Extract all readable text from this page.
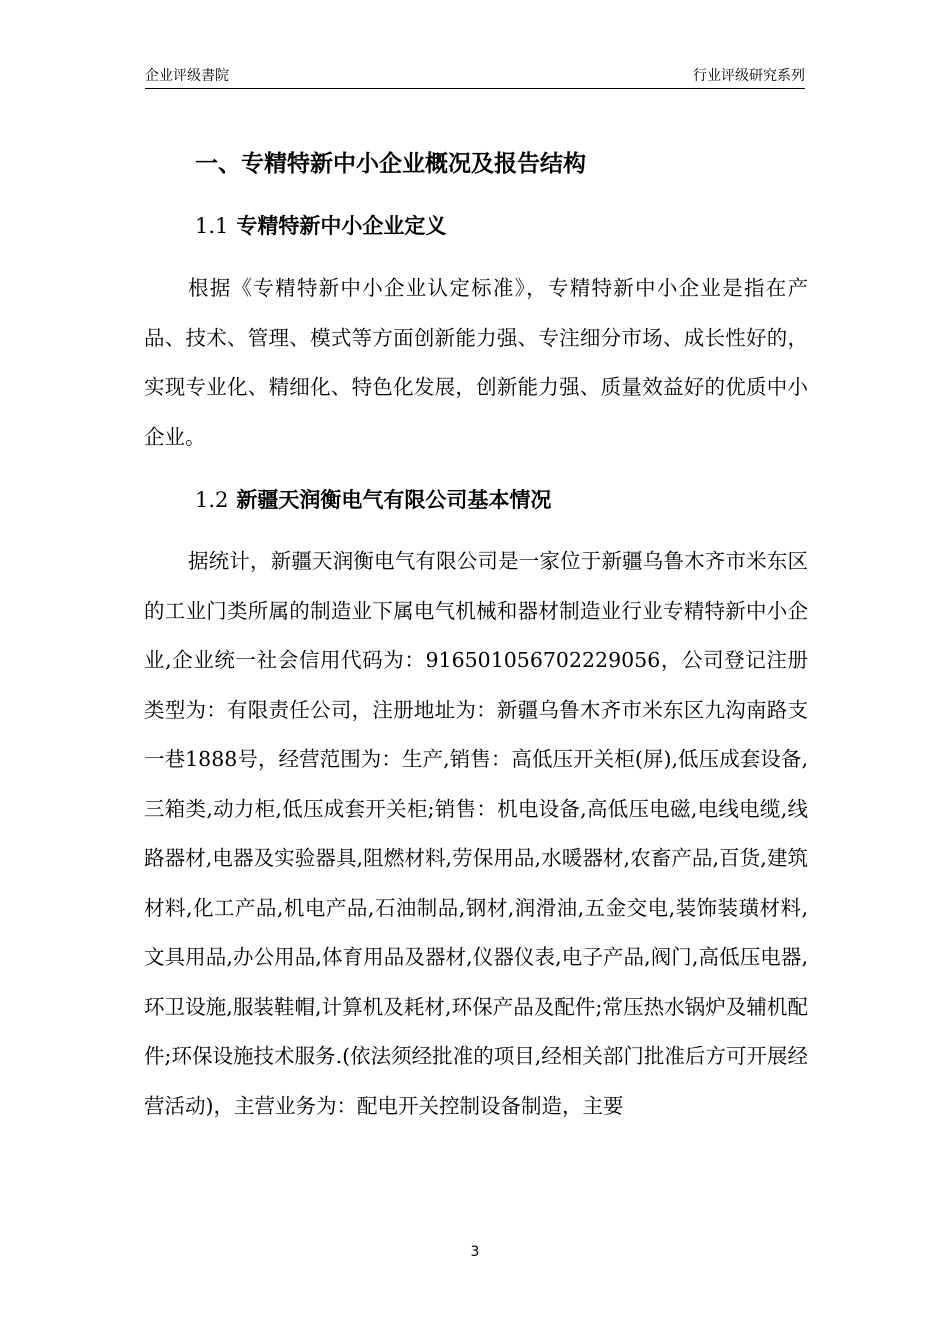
企业评级書院	行业评级研究系列
一、专精特新中小企业概况及报告结构
1.1 专精特新中小企业定义

根据《专精特新中小企业认定标准》，专精特新中小企业是指在产品、技术、管理、模式等方面创新能力强、专注细分市场、成长性好的，实现专业化、精细化、特色化发展，创新能力强、质量效益好的优质中小企业。

1.2 新疆天润衡电气有限公司基本情况

据统计，新疆天润衡电气有限公司是一家位于新疆乌鲁木齐市米东区的工业门类所属的制造业下属电气机械和器材制造业行业专精特新中小企业,企业统一社会信用代码为：916501056702229056，公司登记注册类型为：有限责任公司，注册地址为：新疆乌鲁木齐市米东区九沟南路支一巷1888号，经营范围为：生产,销售：高低压开关柜(屏),低压成套设备,三箱类,动力柜,低压成套开关柜;销售：机电设备,高低压电磁,电线电缆,线路器材,电器及实验器具,阻燃材料,劳保用品,水暖器材,农畜产品,百货,建筑材料,化工产品,机电产品,石油制品,钢材,润滑油,五金交电,装饰装璜材料,文具用品,办公用品,体育用品及器材,仪器仪表,电子产品,阀门,高低压电器,环卫设施,服装鞋帽,计算机及耗材,环保产品及配件;常压热水锅炉及辅机配件;环保设施技术服务.(依法须经批准的项目,经相关部门批准后方可开展经营活动)，主营业务为：配电开关控制设备制造，主要

3
